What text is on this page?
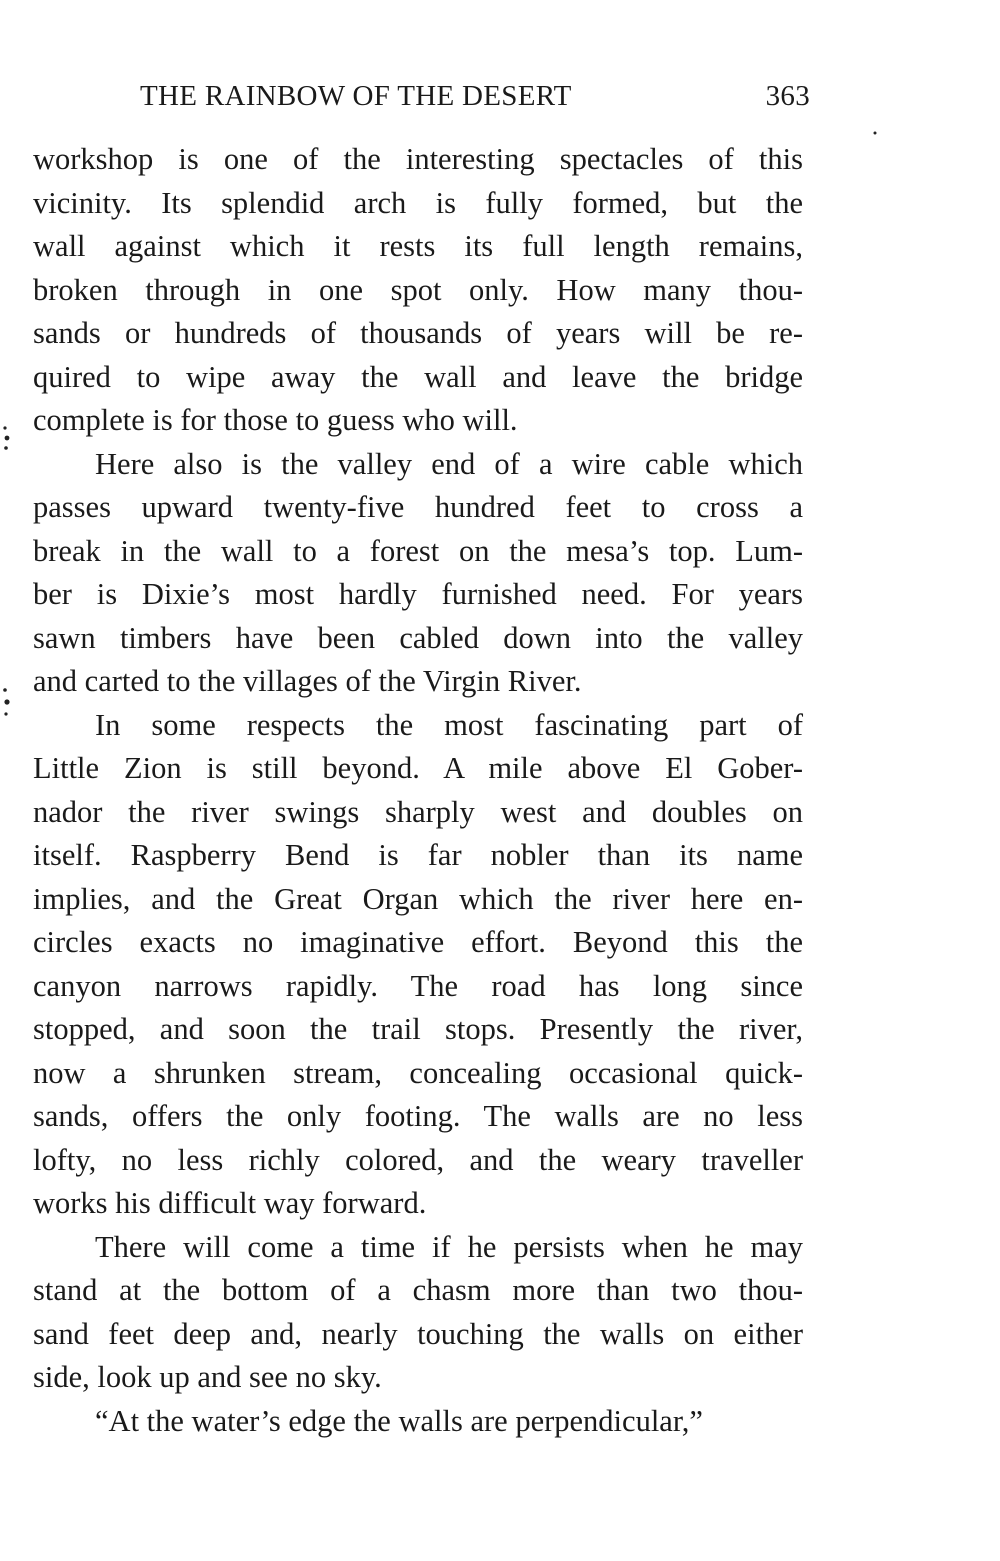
THE RAINBOW OF THE DESERT	363
workshop is one of the interesting spectacles of this
vicinity. Its splendid arch is fully formed, but the
wall against which it rests its full length remains,
broken through in one spot only. How many thou-
sands or hundreds of thousands of years will be re-
quired to wipe away the wall and leave the bridge
complete is for those to guess who will.
Here also is the valley end of a wire cable which
passes upward twenty-five hundred feet to cross a
break in the wall to a forest on the mesa’s top. Lum-
ber is Dixie’s most hardly furnished need. For years
sawn timbers have been cabled down into the valley
and carted to the villages of the Virgin River.
In some respects the most fascinating part of
Little Zion is still beyond. A mile above El Gober-
nador the river swings sharply west and doubles on
itself. Raspberry Bend is far nobler than its name
implies, and the Great Organ which the river here en-
circles exacts no imaginative effort. Beyond this the
canyon narrows rapidly. The road has long since
stopped, and soon the trail stops. Presently the river,
now a shrunken stream, concealing occasional quick-
sands, offers the only footing. The walls are no less
lofty, no less richly colored, and the weary traveller
works his difficult way forward.
There will come a time if he persists when he may
stand at the bottom of a chasm more than two thou-
sand feet deep and, nearly touching the walls on either
side, look up and see no sky.
“At the water’s edge the walls are perpendicular,”
